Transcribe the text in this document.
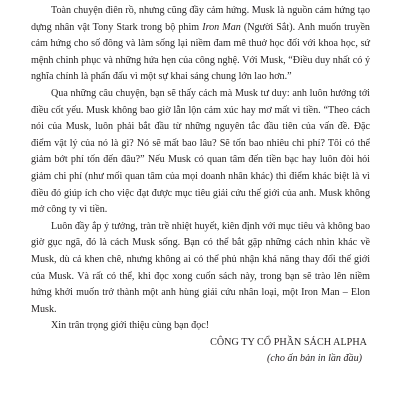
Toàn chuyện điên rồ, nhưng cũng đầy cảm hứng. Musk là nguồn cảm hứng tạo dựng nhân vật Tony Stark trong bộ phim Iron Man (Người Sắt). Anh muốn truyền cảm hứng cho số đông và làm sống lại niềm đam mê thuở học đối với khoa học, sứ mệnh chinh phục và những hứa hẹn của công nghệ. Với Musk, “Điều duy nhất có ý nghĩa chính là phấn đấu vì một sự khai sáng chung lớn lao hơn.”

Qua những câu chuyện, bạn sẽ thấy cách mà Musk tư duy: anh luôn hướng tới điều cốt yếu. Musk không bao giờ lẫn lộn cảm xúc hay mơ mất vì tiền. “Theo cách nói của Musk, luôn phải bắt đầu từ những nguyên tắc đầu tiên của vấn đề. Đặc điểm vật lý của nó là gì? Nó sẽ mất bao lâu? Sẽ tốn bao nhiêu chi phí? Tôi có thể giảm bớt phí tốn đến đâu?” Nếu Musk có quan tâm đến tiền bạc hay luôn đòi hỏi giảm chi phí (như mối quan tâm của mọi doanh nhân khác) thì điểm khác biệt là vì điều đó giúp ích cho việc đạt được mục tiêu giải cứu thế giới của anh. Musk không mở công ty vì tiền.

Luôn đầy ắp ý tưởng, tràn trề nhiệt huyết, kiên định với mục tiêu và không bao giờ gục ngã, đó là cách Musk sống. Bạn có thể bắt gặp những cách nhìn khác về Musk, dù cả khen chê, nhưng không ai có thể phủ nhận khả năng thay đổi thế giới của Musk. Và rất có thể, khi đọc xong cuốn sách này, trong bạn sẽ trào lên niềm hứng khởi muốn trở thành một anh hùng giải cứu nhân loại, một Iron Man – Elon Musk.

Xin trân trọng giới thiệu cùng bạn đọc!

CÔNG TY CỔ PHẦN SÁCH ALPHA

(cho ấn bản in lần đầu)
